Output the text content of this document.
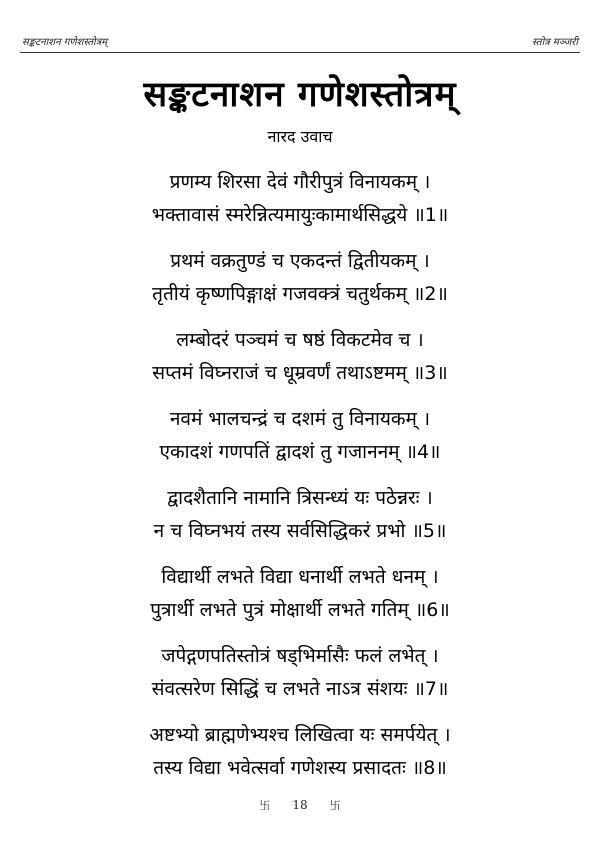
सङ्कटनाशन गणेशस्तोत्रम्	स्तोत्र मञ्जरी
सङ्कटनाशन गणेशस्तोत्रम्
नारद उवाच
प्रणम्य शिरसा देवं गौरीपुत्रं विनायकम् ।
भक्तावासं स्मरेन्नित्यमायुःकामार्थसिद्धये ॥1॥
प्रथमं वक्रतुण्डं च एकदन्तं द्वितीयकम् ।
तृतीयं कृष्णपिङ्गाक्षं गजवक्त्रं चतुर्थकम् ॥2॥
लम्बोदरं पञ्चमं च षष्ठं विकटमेव च ।
सप्तमं विघ्नराजं च धूम्रवर्णं तथाऽष्टमम् ॥3॥
नवमं भालचन्द्रं च दशमं तु विनायकम् ।
एकादशं गणपतिं द्वादशं तु गजाननम् ॥4॥
द्वादशैतानि नामानि त्रिसन्ध्यं यः पठेन्नरः ।
न च विघ्नभयं तस्य सर्वसिद्धिकरं प्रभो ॥5॥
विद्यार्थी लभते विद्या धनार्थी लभते धनम् ।
पुत्रार्थी लभते पुत्रं मोक्षार्थी लभते गतिम् ॥6॥
जपेद्गणपतिस्तोत्रं षड्भिर्मासैः फलं लभेत् ।
संवत्सरेण सिद्धिं च लभते नाऽत्र संशयः ॥7॥
अष्टभ्यो ब्राह्मणेभ्यश्च लिखित्वा यः समर्पयेत् ।
तस्य विद्या भवेत्सर्वा गणेशस्य प्रसादतः ॥8॥
卐 18 卐
